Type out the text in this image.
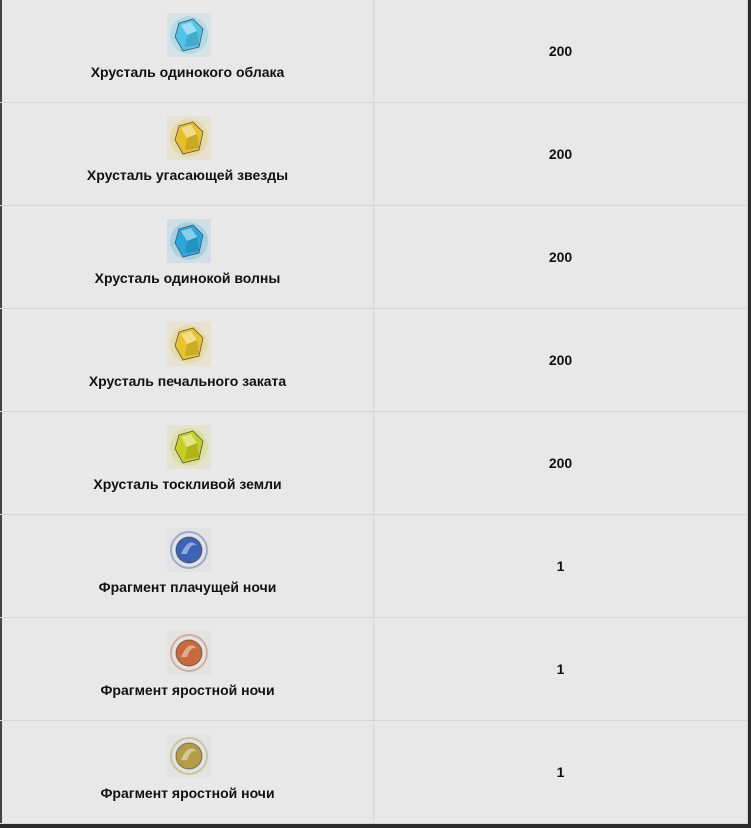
Хрусталь одинокого облака
200
Хрусталь угасающей звезды
200
Хрусталь одинокой волны
200
Хрусталь печального заката
200
Хрусталь тоскливой земли
200
Фрагмент плачущей ночи
1
Фрагмент яростной ночи
1
Фрагмент яростной ночи
1
